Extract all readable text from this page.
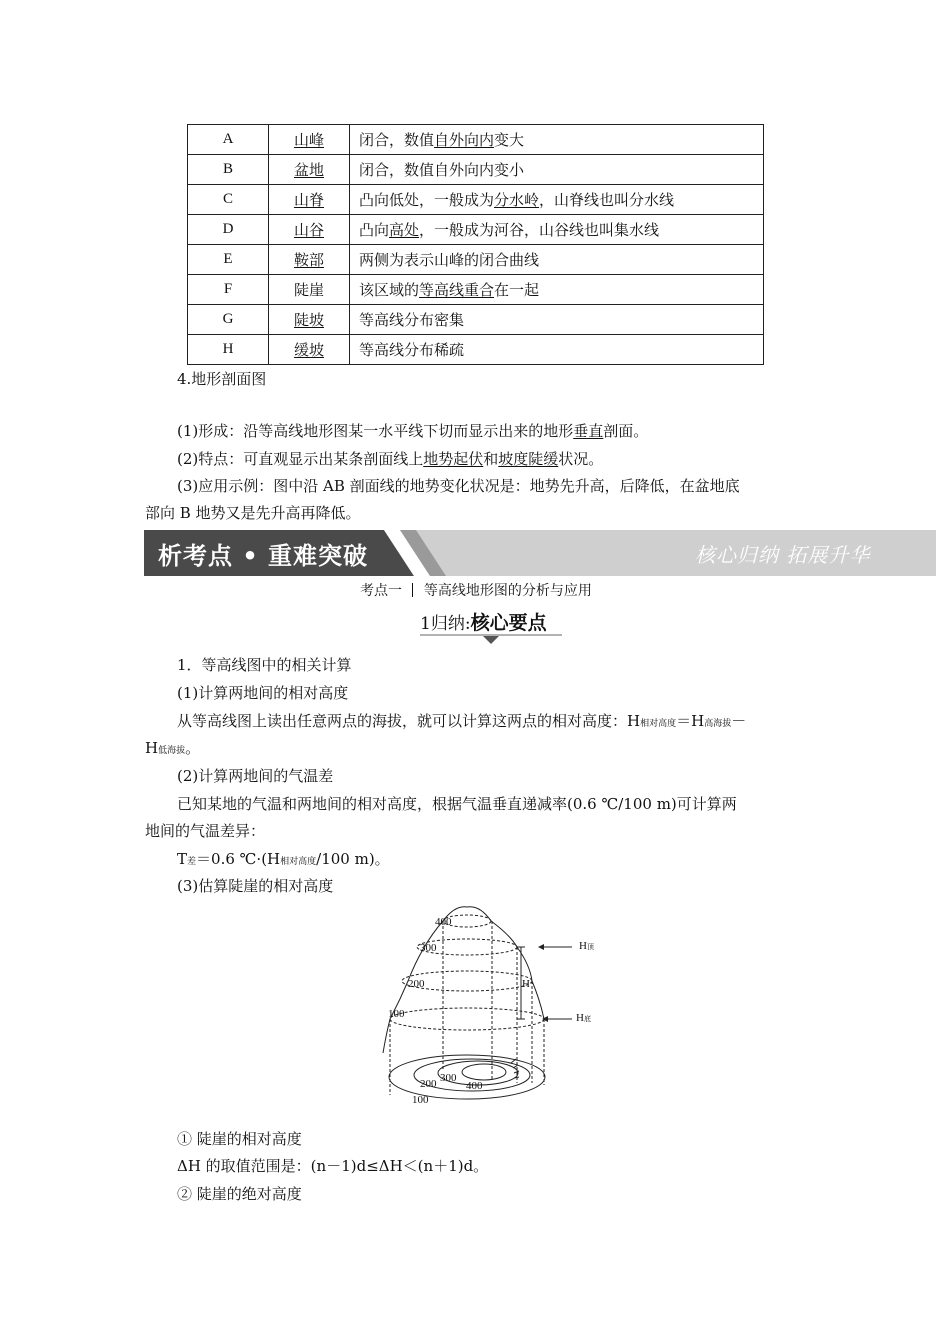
A	山峰	闭合，数值自外向内变大
B	盆地	闭合，数值自外向内变小
C	山脊	凸向低处，一般成为分水岭，山脊线也叫分水线
D	山谷	凸向高处，一般成为河谷，山谷线也叫集水线
E	鞍部	两侧为表示山峰的闭合曲线
F	陡崖	该区域的等高线重合在一起
G	陡坡	等高线分布密集
H	缓坡	等高线分布稀疏
4.地形剖面图
(1)形成：沿等高线地形图某一水平线下切而显示出来的地形垂直剖面。
(2)特点：可直观显示出某条剖面线上地势起伏和坡度陡缓状况。
(3)应用示例：图中沿 AB 剖面线的地势变化状况是：地势先升高，后降低，在盆地底
部向 B 地势又是先升高再降低。
析考点 • 重难突破	核心归纳 拓展升华
考点一 等高线地形图的分析与应用
1归纳:核心要点
1．等高线图中的相关计算
(1)计算两地间的相对高度
从等高线图上读出任意两点的海拔，就可以计算这两点的相对高度：H相对高度＝H高海拔－
H低海拔。
(2)计算两地间的气温差
已知某地的气温和两地间的相对高度，根据气温垂直递减率(0.6 ℃/100 m)可计算两
地间的气温差异：
T差＝0.6 ℃·(H相对高度/100 m)。
(3)估算陡崖的相对高度
400
300
200
100
300
400
200
100
H
H顶
H底
① 陡崖的相对高度
ΔH 的取值范围是：(n－1)d≤ΔH＜(n＋1)d。
② 陡崖的绝对高度
